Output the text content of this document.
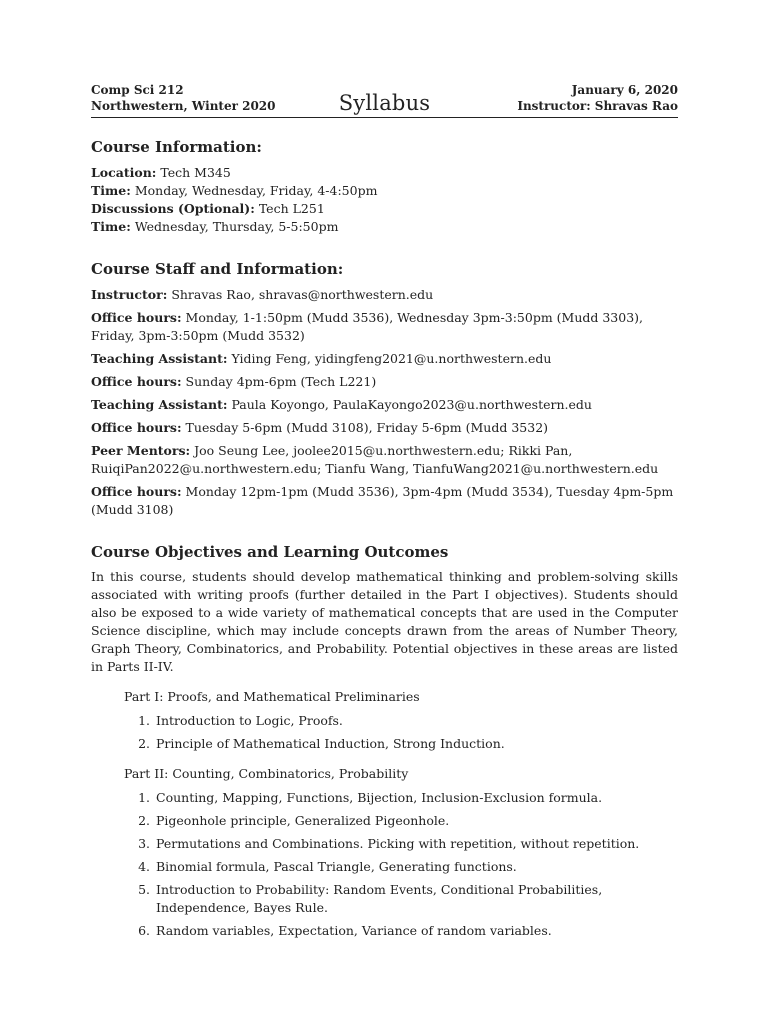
Comp Sci 212
Northwestern, Winter 2020	Syllabus
January 6, 2020
Instructor: Shravas Rao
Course Information:
Location: Tech M345
Time: Monday, Wednesday, Friday, 4-4:50pm
Discussions (Optional): Tech L251
Time: Wednesday, Thursday, 5-5:50pm
Course Staff and Information:
Instructor: Shravas Rao, shravas@northwestern.edu
Office hours: Monday, 1-1:50pm (Mudd 3536), Wednesday 3pm-3:50pm (Mudd 3303), Friday, 3pm-3:50pm (Mudd 3532)
Teaching Assistant: Yiding Feng, yidingfeng2021@u.northwestern.edu
Office hours: Sunday 4pm-6pm (Tech L221)
Teaching Assistant: Paula Koyongo, PaulaKayongo2023@u.northwestern.edu
Office hours: Tuesday 5-6pm (Mudd 3108), Friday 5-6pm (Mudd 3532)
Peer Mentors: Joo Seung Lee, joolee2015@u.northwestern.edu; Rikki Pan, RuiqiPan2022@u.northwestern.edu; Tianfu Wang, TianfuWang2021@u.northwestern.edu
Office hours: Monday 12pm-1pm (Mudd 3536), 3pm-4pm (Mudd 3534), Tuesday 4pm-5pm (Mudd 3108)
Course Objectives and Learning Outcomes

In this course, students should develop mathematical thinking and problem-solving skills associated with writing proofs (further detailed in the Part I objectives). Students should also be exposed to a wide variety of mathematical concepts that are used in the Computer Science discipline, which may include concepts drawn from the areas of Number Theory, Graph Theory, Combinatorics, and Probability. Potential objectives in these areas are listed in Parts II-IV.

Part I: Proofs, and Mathematical Preliminaries
1. Introduction to Logic, Proofs.
2. Principle of Mathematical Induction, Strong Induction.
Part II: Counting, Combinatorics, Probability
1. Counting, Mapping, Functions, Bijection, Inclusion-Exclusion formula.
2. Pigeonhole principle, Generalized Pigeonhole.
3. Permutations and Combinations. Picking with repetition, without repetition.
4. Binomial formula, Pascal Triangle, Generating functions.
5. Introduction to Probability: Random Events, Conditional Probabilities, Independence, Bayes Rule.
6. Random variables, Expectation, Variance of random variables.
